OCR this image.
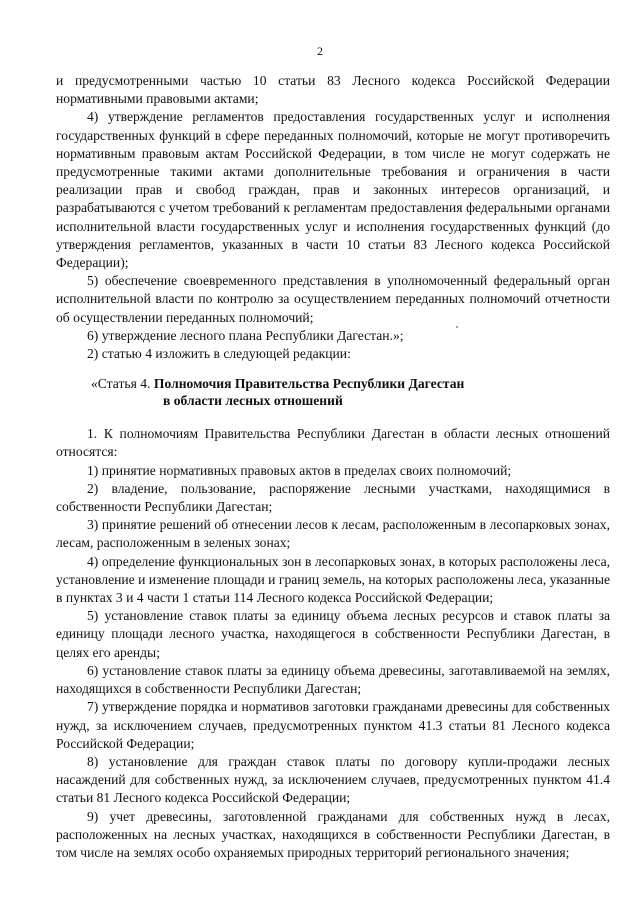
2

и предусмотренными частью 10 статьи 83 Лесного кодекса Российской Федерации нормативными правовыми актами;

4) утверждение регламентов предоставления государственных услуг и исполнения государственных функций в сфере переданных полномочий, которые не могут противоречить нормативным правовым актам Российской Федерации, в том числе не могут содержать не предусмотренные такими актами дополнительные требования и ограничения в части реализации прав и свобод граждан, прав и законных интересов организаций, и разрабатываются с учетом требований к регламентам предоставления федеральными органами исполнительной власти государственных услуг и исполнения государственных функций (до утверждения регламентов, указанных в части 10 статьи 83 Лесного кодекса Российской Федерации);

5) обеспечение своевременного представления в уполномоченный федеральный орган исполнительной власти по контролю за осуществлением переданных полномочий отчетности об осуществлении переданных полномочий;

6) утверждение лесного плана Республики Дагестан.»;

2) статью 4 изложить в следующей редакции:

«Статья 4. Полномочия Правительства Республики Дагестан
в области лесных отношений

1. К полномочиям Правительства Республики Дагестан в области лесных отношений относятся:

1) принятие нормативных правовых актов в пределах своих полномочий;

2) владение, пользование, распоряжение лесными участками, находящимися в собственности Республики Дагестан;

3) принятие решений об отнесении лесов к лесам, расположенным в лесопарковых зонах, лесам, расположенным в зеленых зонах;

4) определение функциональных зон в лесопарковых зонах, в которых расположены леса, установление и изменение площади и границ земель, на которых расположены леса, указанные в пунктах 3 и 4 части 1 статьи 114 Лесного кодекса Российской Федерации;

5) установление ставок платы за единицу объема лесных ресурсов и ставок платы за единицу площади лесного участка, находящегося в собственности Республики Дагестан, в целях его аренды;

6) установление ставок платы за единицу объема древесины, заготавливаемой на землях, находящихся в собственности Республики Дагестан;

7) утверждение порядка и нормативов заготовки гражданами древесины для собственных нужд, за исключением случаев, предусмотренных пунктом 41.3 статьи 81 Лесного кодекса Российской Федерации;

8) установление для граждан ставок платы по договору купли-продажи лесных насаждений для собственных нужд, за исключением случаев, предусмотренных пунктом 41.4 статьи 81 Лесного кодекса Российской Федерации;

9) учет древесины, заготовленной гражданами для собственных нужд в лесах, расположенных на лесных участках, находящихся в собственности Республики Дагестан, в том числе на землях особо охраняемых природных территорий регионального значения;
